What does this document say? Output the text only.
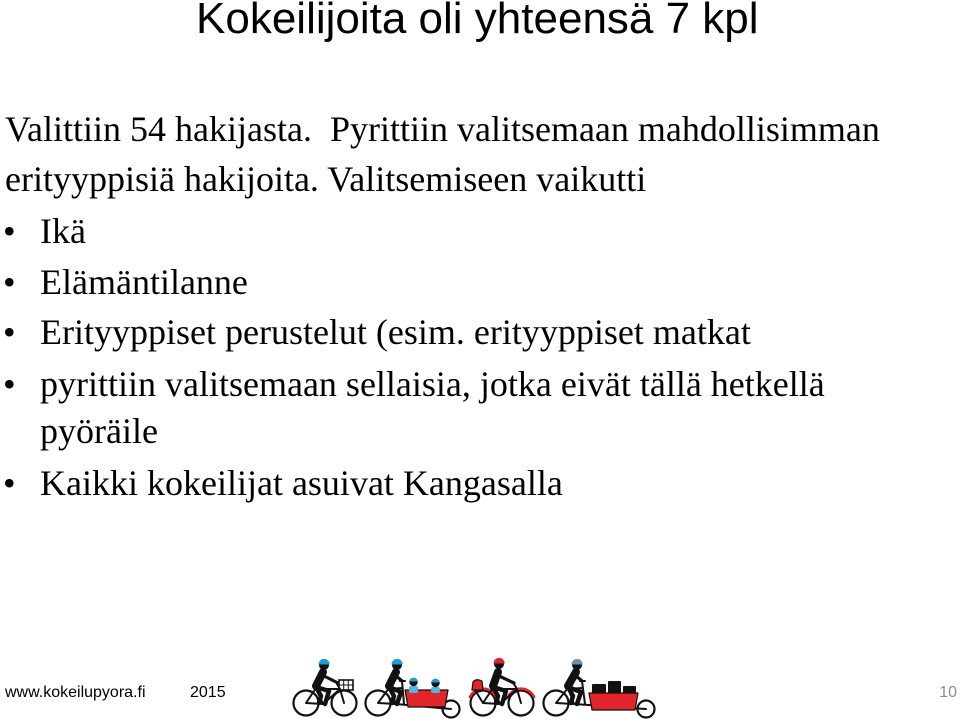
Kokeilijoita oli yhteensä 7 kpl
Valittiin 54 hakijasta.  Pyrittiin valitsemaan mahdollisimman
erityyppisiä hakijoita. Valitsemiseen vaikutti
• Ikä
• Elämäntilanne
• Erityyppiset perustelut (esim. erityyppiset matkat
• pyrittiin valitsemaan sellaisia, jotka eivät tällä hetkellä
pyöräile
• Kaikki kokeilijat asuivat Kangasalla
www.kokeilupyora.fi	2015	10
